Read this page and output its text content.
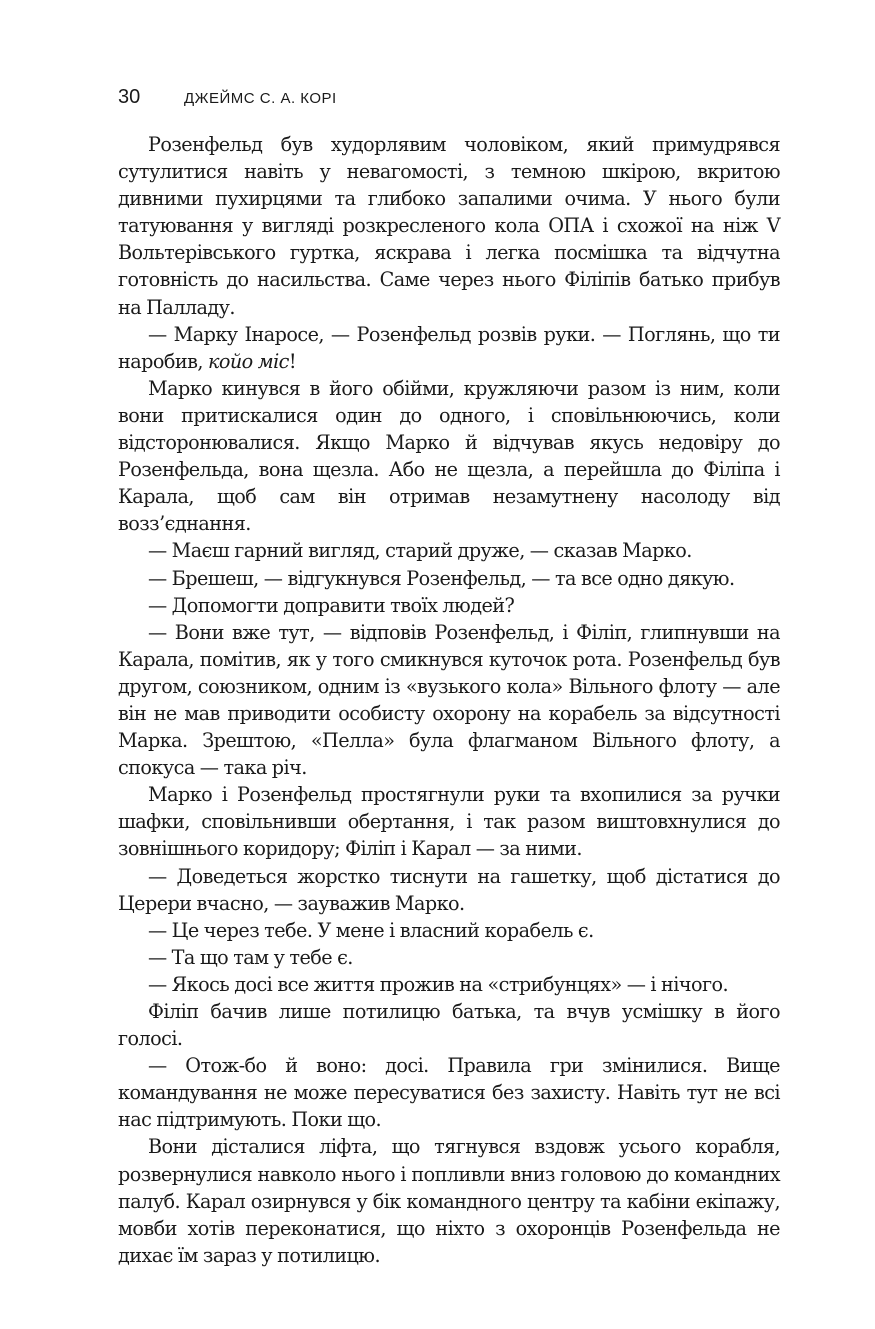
30	ДЖЕЙМС С. А. КОРІ

Розенфельд був худорлявим чоловіком, який примудрявся сутулитися навіть у невагомості, з темною шкірою, вкритою дивними пухирцями та глибоко запалими очима. У нього були татуювання у вигляді розкресленого кола ОПА і схожої на ніж V Вольтерівського гуртка, яскрава і легка посмішка та відчутна готовність до насильства. Саме через нього Філіпів батько прибув на Палладу.

— Марку Інаросе, — Розенфельд розвів руки. — Поглянь, що ти наробив, койо міс!

Марко кинувся в його обійми, кружляючи разом із ним, коли вони притискалися один до одного, і сповільнюючись, коли відсторонювалися. Якщо Марко й відчував якусь недовіру до Розенфельда, вона щезла. Або не щезла, а перейшла до Філіпа і Карала, щоб сам він отримав незамутнену насолоду від возз’єднання.

— Маєш гарний вигляд, старий друже, — сказав Марко.

— Брешеш, — відгукнувся Розенфельд, — та все одно дякую.

— Допомогти доправити твоїх людей?

— Вони вже тут, — відповів Розенфельд, і Філіп, глипнувши на Карала, помітив, як у того смикнувся куточок рота. Розенфельд був другом, союзником, одним із «вузького кола» Вільного флоту — але він не мав приводити особисту охорону на корабель за відсутності Марка. Зрештою, «Пелла» була флагманом Вільного флоту, а спокуса — така річ.

Марко і Розенфельд простягнули руки та вхопилися за ручки шафки, сповільнивши обертання, і так разом виштовхнулися до зовнішнього коридору; Філіп і Карал — за ними.

— Доведеться жорстко тиснути на гашетку, щоб дістатися до Церери вчасно, — зауважив Марко.

— Це через тебе. У мене і власний корабель є.

— Та що там у тебе є.

— Якось досі все життя прожив на «стрибунцях» — і нічого.

Філіп бачив лише потилицю батька, та вчув усмішку в його голосі.

— Отож-бо й воно: досі. Правила гри змінилися. Вище командування не може пересуватися без захисту. Навіть тут не всі нас підтримують. Поки що.

Вони дісталися ліфта, що тягнувся вздовж усього корабля, розвернулися навколо нього і попливли вниз головою до командних палуб. Карал озирнувся у бік командного центру та кабіни екіпажу, мовби хотів переконатися, що ніхто з охоронців Розенфельда не дихає їм зараз у потилицю.
